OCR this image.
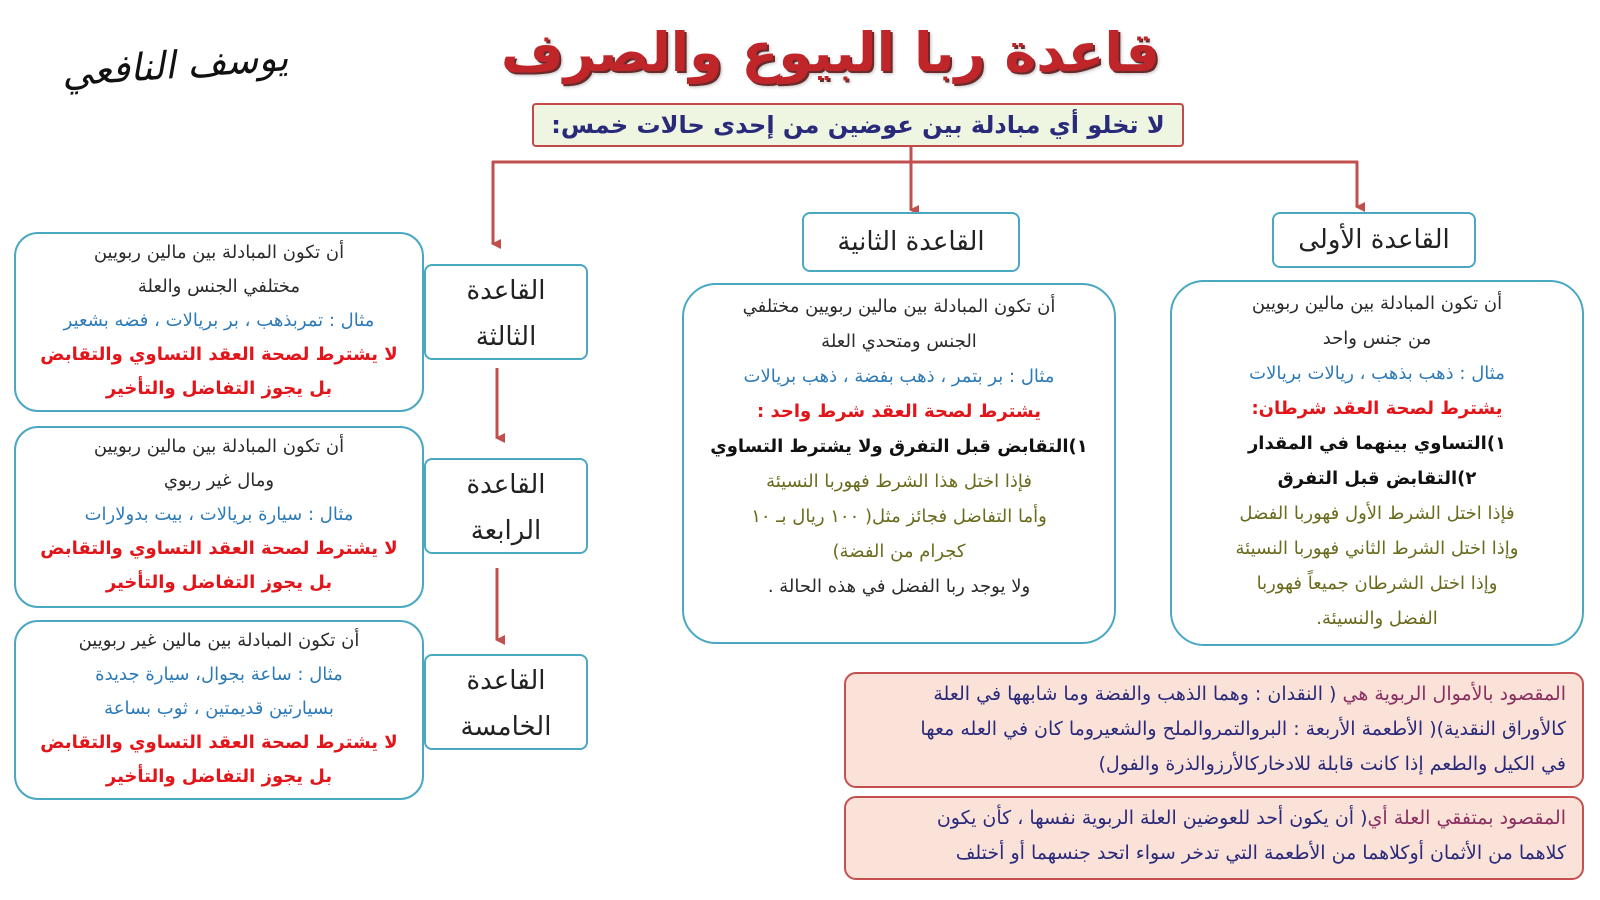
يوسف النافعي	قاعدة ربا البيوع والصرف
لا تخلو أي مبادلة بين عوضين من إحدى حالات خمس:
القاعدة الأولى
أن تكون المبادلة بين مالين ربويين
من جنس واحد
مثال : ذهب بذهب ، ريالات بريالات
يشترط لصحة العقد شرطان:
١)التساوي بينهما في المقدار
٢)التقابض قبل التفرق
فإذا اختل الشرط الأول فهوربا الفضل
وإذا اختل الشرط الثاني فهوربا النسيئة
وإذا اختل الشرطان جميعاً فهوربا
الفضل والنسيئة.
القاعدة الثانية
أن تكون المبادلة بين مالين ربويين مختلفي
الجنس ومتحدي العلة
مثال : بر بتمر ، ذهب بفضة ، ذهب بريالات
يشترط لصحة العقد شرط واحد :
١)التقابض قبل التفرق ولا يشترط التساوي
فإذا اختل هذا الشرط فهوربا النسيئة
وأما التفاضل فجائز مثل( ١٠٠ ريال بـ ١٠
كجرام من الفضة)
ولا يوجد ربا الفضل في هذه الحالة .
القاعدة
الثالثة
أن تكون المبادلة بين مالين ربويين
مختلفي الجنس والعلة
مثال : تمربذهب ، بر بريالات ، فضه بشعير
لا يشترط لصحة العقد التساوي والتقابض
بل يجوز التفاضل والتأخير
القاعدة
الرابعة
أن تكون المبادلة بين مالين ربويين
ومال غير ربوي
مثال : سيارة بريالات ، بيت بدولارات
لا يشترط لصحة العقد التساوي والتقابض
بل يجوز التفاضل والتأخير
القاعدة
الخامسة
أن تكون المبادلة بين مالين غير ربويين
مثال : ساعة بجوال، سيارة جديدة
بسيارتين قديمتين ، ثوب بساعة
لا يشترط لصحة العقد التساوي والتقابض
بل يجوز التفاضل والتأخير
المقصود بالأموال الربوية هي ( النقدان : وهما الذهب والفضة وما شابهها في العلة
كالأوراق النقدية)( الأطعمة الأربعة : البروالتمروالملح والشعيروما كان في العله معها
في الكيل والطعم إذا كانت قابلة للادخاركالأرزوالذرة والفول)
المقصود بمتفقي العلة أي( أن يكون أحد للعوضين العلة الربوية نفسها ، كأن يكون
كلاهما من الأثمان أوكلاهما من الأطعمة التي تدخر سواء اتحد جنسهما أو أختلف
